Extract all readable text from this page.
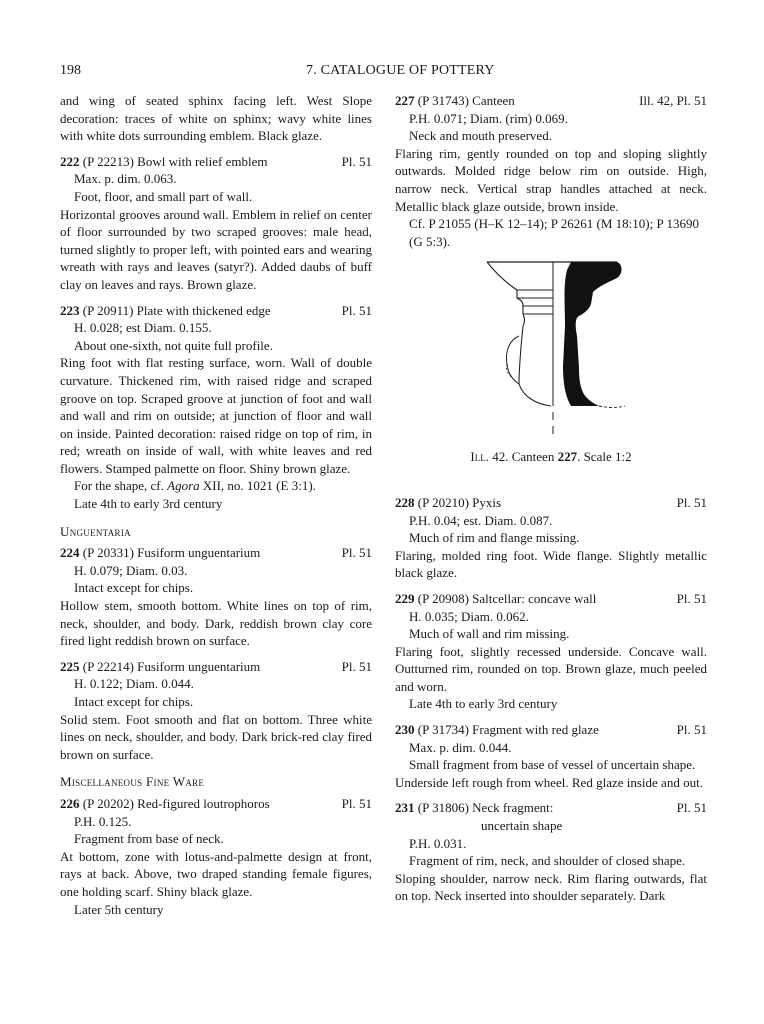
198	7. CATALOGUE OF POTTERY
and wing of seated sphinx facing left. West Slope decoration: traces of white on sphinx; wavy white lines with white dots surrounding emblem. Black glaze.
222 (P 22213) Bowl with relief emblem	Pl. 51
Max. p. dim. 0.063.
Foot, floor, and small part of wall.
Horizontal grooves around wall. Emblem in relief on center of floor surrounded by two scraped grooves: male head, turned slightly to proper left, with pointed ears and wearing wreath with rays and leaves (satyr?). Added daubs of buff clay on leaves and rays. Brown glaze.
223 (P 20911) Plate with thickened edge	Pl. 51
H. 0.028; est Diam. 0.155.
About one-sixth, not quite full profile.
Ring foot with flat resting surface, worn. Wall of double curvature. Thickened rim, with raised ridge and scraped groove on top. Scraped groove at junction of foot and wall and wall and rim on outside; at junction of floor and wall on inside. Painted decoration: raised ridge on top of rim, in red; wreath on inside of wall, with white leaves and red flowers. Stamped palmette on floor. Shiny brown glaze.
For the shape, cf. Agora XII, no. 1021 (E 3:1).
Late 4th to early 3rd century
Unguentaria
224 (P 20331) Fusiform unguentarium	Pl. 51
H. 0.079; Diam. 0.03.
Intact except for chips.
Hollow stem, smooth bottom. White lines on top of rim, neck, shoulder, and body. Dark, reddish brown clay core fired light reddish brown on surface.
225 (P 22214) Fusiform unguentarium	Pl. 51
H. 0.122; Diam. 0.044.
Intact except for chips.
Solid stem. Foot smooth and flat on bottom. Three white lines on neck, shoulder, and body. Dark brick-red clay fired brown on surface.
Miscellaneous Fine Ware
226 (P 20202) Red-figured loutrophoros	Pl. 51
P.H. 0.125.
Fragment from base of neck.
At bottom, zone with lotus-and-palmette design at front, rays at back. Above, two draped standing female figures, one holding scarf. Shiny black glaze.
Later 5th century
227 (P 31743) Canteen	Ill. 42, Pl. 51
P.H. 0.071; Diam. (rim) 0.069.
Neck and mouth preserved.
Flaring rim, gently rounded on top and sloping slightly outwards. Molded ridge below rim on outside. High, narrow neck. Vertical strap handles attached at neck. Metallic black glaze outside, brown inside.
Cf. P 21055 (H–K 12–14); P 26261 (M 18:10); P 13690 (G 5:3).
Ill. 42. Canteen 227. Scale 1:2
228 (P 20210) Pyxis	Pl. 51
P.H. 0.04; est. Diam. 0.087.
Much of rim and flange missing.
Flaring, molded ring foot. Wide flange. Slightly metallic black glaze.
229 (P 20908) Saltcellar: concave wall	Pl. 51
H. 0.035; Diam. 0.062.
Much of wall and rim missing.
Flaring foot, slightly recessed underside. Concave wall. Outturned rim, rounded on top. Brown glaze, much peeled and worn.
Late 4th to early 3rd century
230 (P 31734) Fragment with red glaze	Pl. 51
Max. p. dim. 0.044.
Small fragment from base of vessel of uncertain shape.
Underside left rough from wheel. Red glaze inside and out.
231 (P 31806) Neck fragment:	Pl. 51
uncertain shape
P.H. 0.031.
Fragment of rim, neck, and shoulder of closed shape.
Sloping shoulder, narrow neck. Rim flaring outwards, flat on top. Neck inserted into shoulder separately. Dark
